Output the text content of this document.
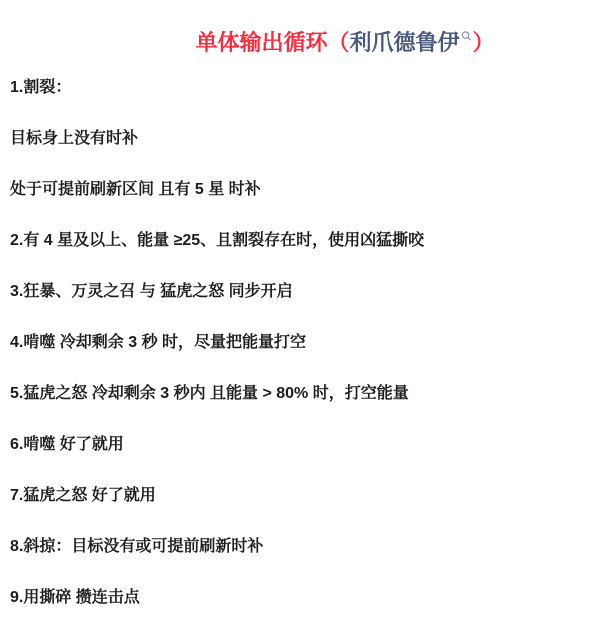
单体输出循环（利爪德鲁伊 ）

1.割裂：

目标身上没有时补

处于可提前刷新区间 且有 5 星 时补

2.有 4 星及以上、能量 ≥25、且割裂存在时，使用凶猛撕咬

3.狂暴、万灵之召 与 猛虎之怒 同步开启

4.啃噬 冷却剩余 3 秒 时，尽量把能量打空

5.猛虎之怒 冷却剩余 3 秒内 且能量 > 80% 时，打空能量

6.啃噬 好了就用

7.猛虎之怒 好了就用

8.斜掠：目标没有或可提前刷新时补

9.用撕碎 攒连击点
